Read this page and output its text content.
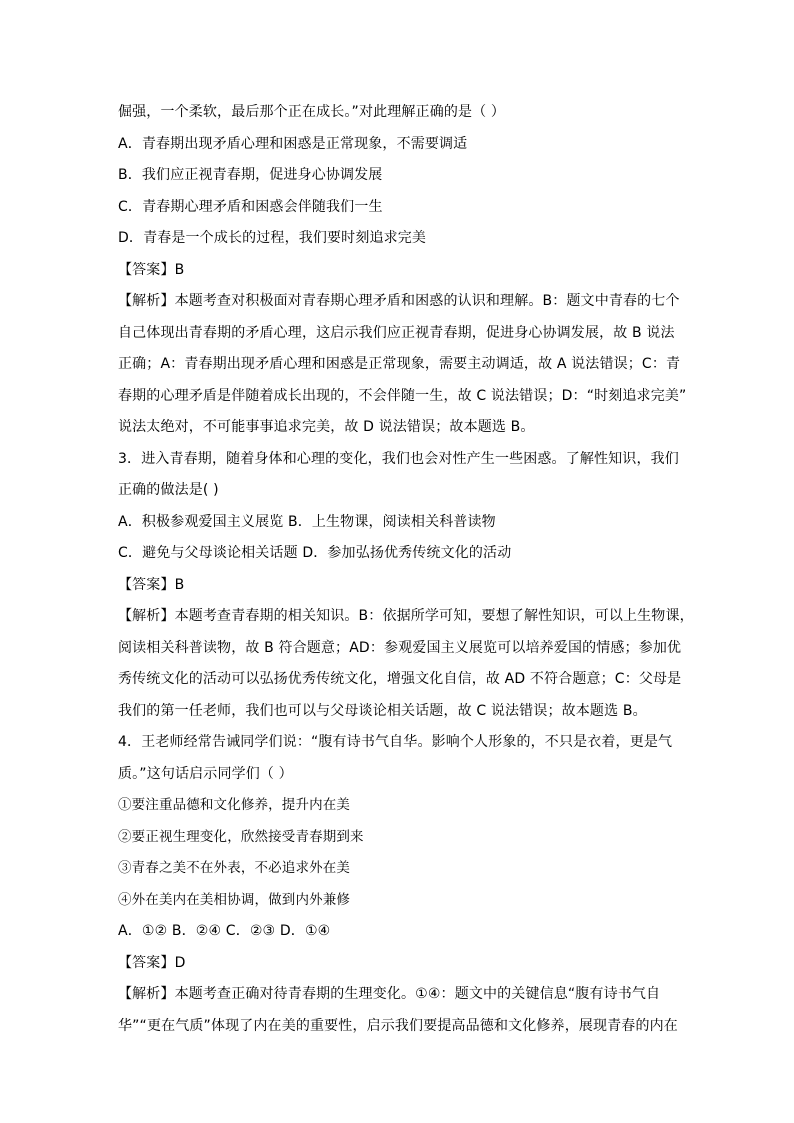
倔强，一个柔软，最后那个正在成长。”对此理解正确的是（ ）
A．青春期出现矛盾心理和困惑是正常现象，不需要调适
B．我们应正视青春期，促进身心协调发展
C．青春期心理矛盾和困惑会伴随我们一生
D．青春是一个成长的过程，我们要时刻追求完美
【答案】B
【解析】本题考查对积极面对青春期心理矛盾和困惑的认识和理解。B：题文中青春的七个
自己体现出青春期的矛盾心理，这启示我们应正视青春期，促进身心协调发展，故 B 说法
正确；A：青春期出现矛盾心理和困惑是正常现象，需要主动调适，故 A 说法错误；C：青
春期的心理矛盾是伴随着成长出现的，不会伴随一生，故 C 说法错误；D：“时刻追求完美”
说法太绝对，不可能事事追求完美，故 D 说法错误；故本题选 B。
3．进入青春期，随着身体和心理的变化，我们也会对性产生一些困惑。了解性知识，我们
正确的做法是( )
A．积极参观爱国主义展览 B．上生物课，阅读相关科普读物
C．避免与父母谈论相关话题 D．参加弘扬优秀传统文化的活动
【答案】B
【解析】本题考查青春期的相关知识。B：依据所学可知，要想了解性知识，可以上生物课，
阅读相关科普读物，故 B 符合题意；AD：参观爱国主义展览可以培养爱国的情感；参加优
秀传统文化的活动可以弘扬优秀传统文化，增强文化自信，故 AD 不符合题意；C：父母是
我们的第一任老师，我们也可以与父母谈论相关话题，故 C 说法错误；故本题选 B。
4．王老师经常告诫同学们说：“腹有诗书气自华。影响个人形象的，不只是衣着，更是气
质。”这句话启示同学们（ ）
①要注重品德和文化修养，提升内在美
②要正视生理变化，欣然接受青春期到来
③青春之美不在外表，不必追求外在美
④外在美内在美相协调，做到内外兼修
A．①② B．②④ C．②③ D．①④
【答案】D
【解析】本题考查正确对待青春期的生理变化。①④：题文中的关键信息“腹有诗书气自
华”“更在气质”体现了内在美的重要性，启示我们要提高品德和文化修养，展现青春的内在
